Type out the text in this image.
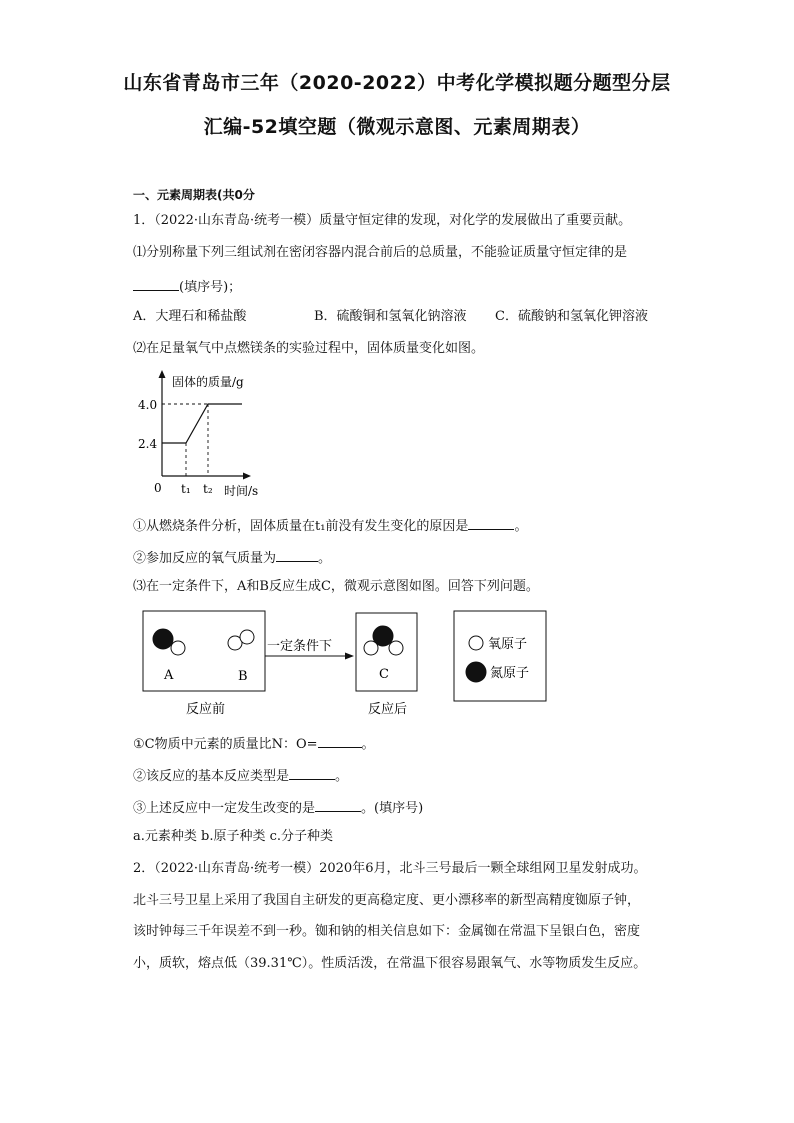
山东省青岛市三年（2020-2022）中考化学模拟题分题型分层
汇编-52填空题（微观示意图、元素周期表）
一、元素周期表(共0分
1．（2022·山东青岛·统考一模）质量守恒定律的发现，对化学的发展做出了重要贡献。
⑴分别称量下列三组试剂在密闭容器内混合前后的总质量，不能验证质量守恒定律的是
(填序号)；
A．大理石和稀盐酸	B．硫酸铜和氢氧化钠溶液 C．硫酸钠和氢氧化钾溶液
⑵在足量氧气中点燃镁条的实验过程中，固体质量变化如图。
固体的质量/g
4.0
2.4
0 t₁ t₂ 时间/s
①从燃烧条件分析，固体质量在t₁前没有发生变化的原因是	。
②参加反应的氧气质量为	。
⑶在一定条件下，A和B反应生成C，微观示意图如图。回答下列问题。
A	B
一定条件下
C
氧原子
氮原子
反应前	反应后
①C物质中元素的质量比N：O=	。
②该反应的基本反应类型是	。
③上述反应中一定发生改变的是	。(填序号)
a.元素种类 b.原子种类 c.分子种类
2．（2022·山东青岛·统考一模）2020年6月，北斗三号最后一颗全球组网卫星发射成功。
北斗三号卫星上采用了我国自主研发的更高稳定度、更小漂移率的新型高精度铷原子钟，
该时钟每三千年误差不到一秒。铷和钠的相关信息如下：金属铷在常温下呈银白色，密度
小，质软，熔点低（39.31℃）。性质活泼，在常温下很容易跟氧气、水等物质发生反应。
